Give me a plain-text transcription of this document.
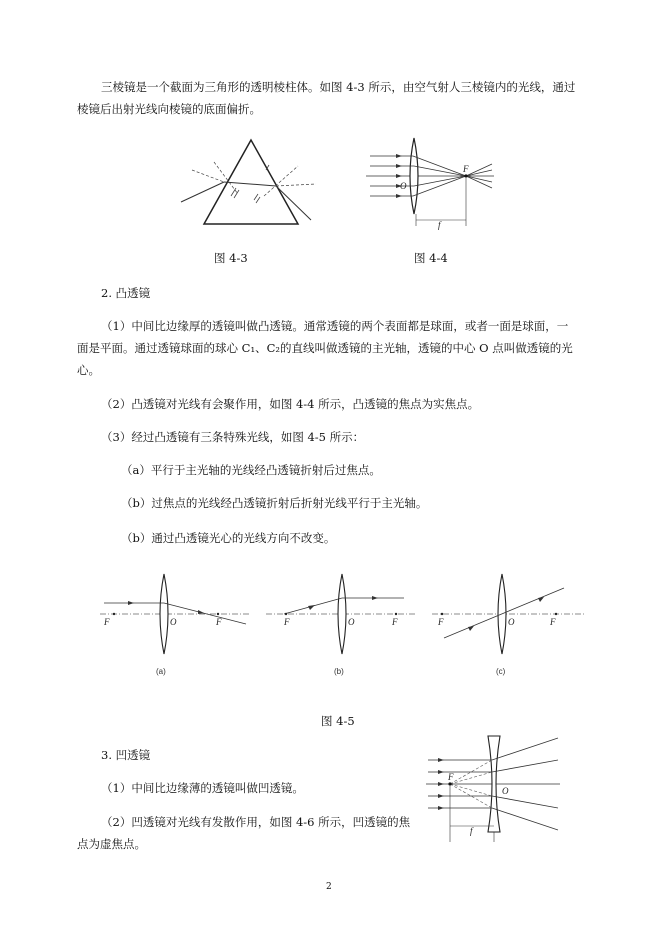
三棱镜是一个截面为三角形的透明棱柱体。如图 4-3 所示，由空气射人三棱镜内的光线，通过
棱镜后出射光线向棱镜的底面偏折。
图 4-3
O
F
f
图 4-4
2. 凸透镜
（1）中间比边缘厚的透镜叫做凸透镜。通常透镜的两个表面都是球面，或者一面是球面，一
面是平面。通过透镜球面的球心 C₁、C₂的直线叫做透镜的主光轴，透镜的中心 O 点叫做透镜的光
心。
（2）凸透镜对光线有会聚作用，如图 4-4 所示，凸透镜的焦点为实焦点。
（3）经过凸透镜有三条特殊光线，如图 4-5 所示：
（a）平行于主光轴的光线经凸透镜折射后过焦点。
（b）过焦点的光线经凸透镜折射后折射光线平行于主光轴。
（b）通过凸透镜光心的光线方向不改变。
F	O	F
(a)
F	O	F
(b)
F	O	F
(c)
图 4-5
3. 凹透镜
（1）中间比边缘薄的透镜叫做凹透镜。
（2）凹透镜对光线有发散作用，如图 4-6 所示，凹透镜的焦
点为虚焦点。
F
O
f
2
